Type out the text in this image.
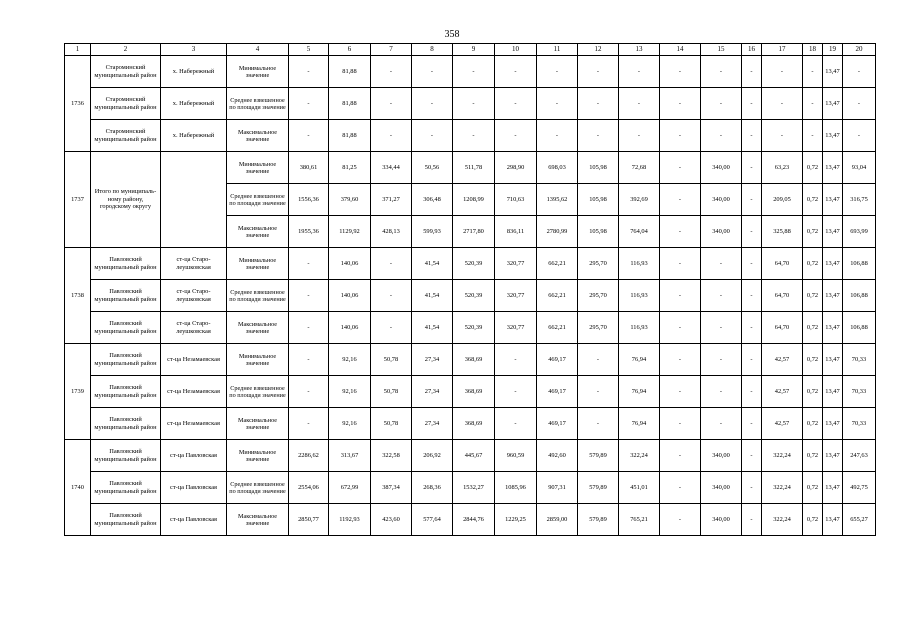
358
1	2	3	4	5	6	7	8	9	10	11	12	13	14	15	16	17	18	19	20
1736	Староминский муниципальный район	х. Набережный	Минимальное значение	-	81,88	-	-	-	-	-	-	-	-	-	-	-	-	13,47	-
	Староминский муниципальный район	х. Набережный	Среднее взвешенное по площади значение	-	81,88	-	-	-	-	-	-	-	-	-	-	-	-	13,47	-
	Староминский муниципальный район	х. Набережный	Максимальное значение	-	81,88	-	-	-	-	-	-	-	-	-	-	-	-	13,47	-
1737	Итого по муниципаль-ному району, городскому округу		Минимальное значение	380,61	81,25	334,44	50,56	511,78	298,90	698,03	105,98	72,68	-	340,00	-	63,23	0,72	13,47	93,04
			Среднее взвешенное по площади значение	1556,36	379,60	371,27	306,48	1208,99	710,63	1395,62	105,98	392,69	-	340,00	-	209,05	0,72	13,47	316,75
			Максимальное значение	1955,36	1129,92	428,13	599,93	2717,80	836,11	2780,99	105,98	764,04	-	340,00	-	325,88	0,72	13,47	693,99
1738	Павловский муниципальный район	ст-ца Старо-леушковская	Минимальное значение	-	140,06	-	41,54	520,39	320,77	662,21	295,70	116,93	-	-	-	64,70	0,72	13,47	106,88
	Павловский муниципальный район	ст-ца Старо-леушковская	Среднее взвешенное по площади значение	-	140,06	-	41,54	520,39	320,77	662,21	295,70	116,93	-	-	-	64,70	0,72	13,47	106,88
	Павловский муниципальный район	ст-ца Старо-леушковская	Максимальное значение	-	140,06	-	41,54	520,39	320,77	662,21	295,70	116,93	-	-	-	64,70	0,72	13,47	106,88
1739	Павловский муниципальный район	ст-ца Незамаевская	Минимальное значение	-	92,16	50,78	27,34	368,69	-	469,17	-	76,94	-	-	-	42,57	0,72	13,47	70,33
	Павловский муниципальный район	ст-ца Незамаевская	Среднее взвешенное по площади значение	-	92,16	50,78	27,34	368,69	-	469,17	-	76,94	-	-	-	42,57	0,72	13,47	70,33
	Павловский муниципальный район	ст-ца Незамаевская	Максимальное значение	-	92,16	50,78	27,34	368,69	-	469,17	-	76,94	-	-	-	42,57	0,72	13,47	70,33
1740	Павловский муниципальный район	ст-ца Павловская	Минимальное значение	2286,62	313,67	322,58	206,92	445,67	960,59	492,60	579,89	322,24	-	340,00	-	322,24	0,72	13,47	247,63
	Павловский муниципальный район	ст-ца Павловская	Среднее взвешенное по площади значение	2554,06	672,99	387,34	268,36	1532,27	1085,96	907,31	579,89	451,01	-	340,00	-	322,24	0,72	13,47	492,75
	Павловский муниципальный район	ст-ца Павловская	Максимальное значение	2850,77	1192,93	423,60	577,64	2844,76	1229,25	2859,00	579,89	765,21	-	340,00	-	322,24	0,72	13,47	655,27
